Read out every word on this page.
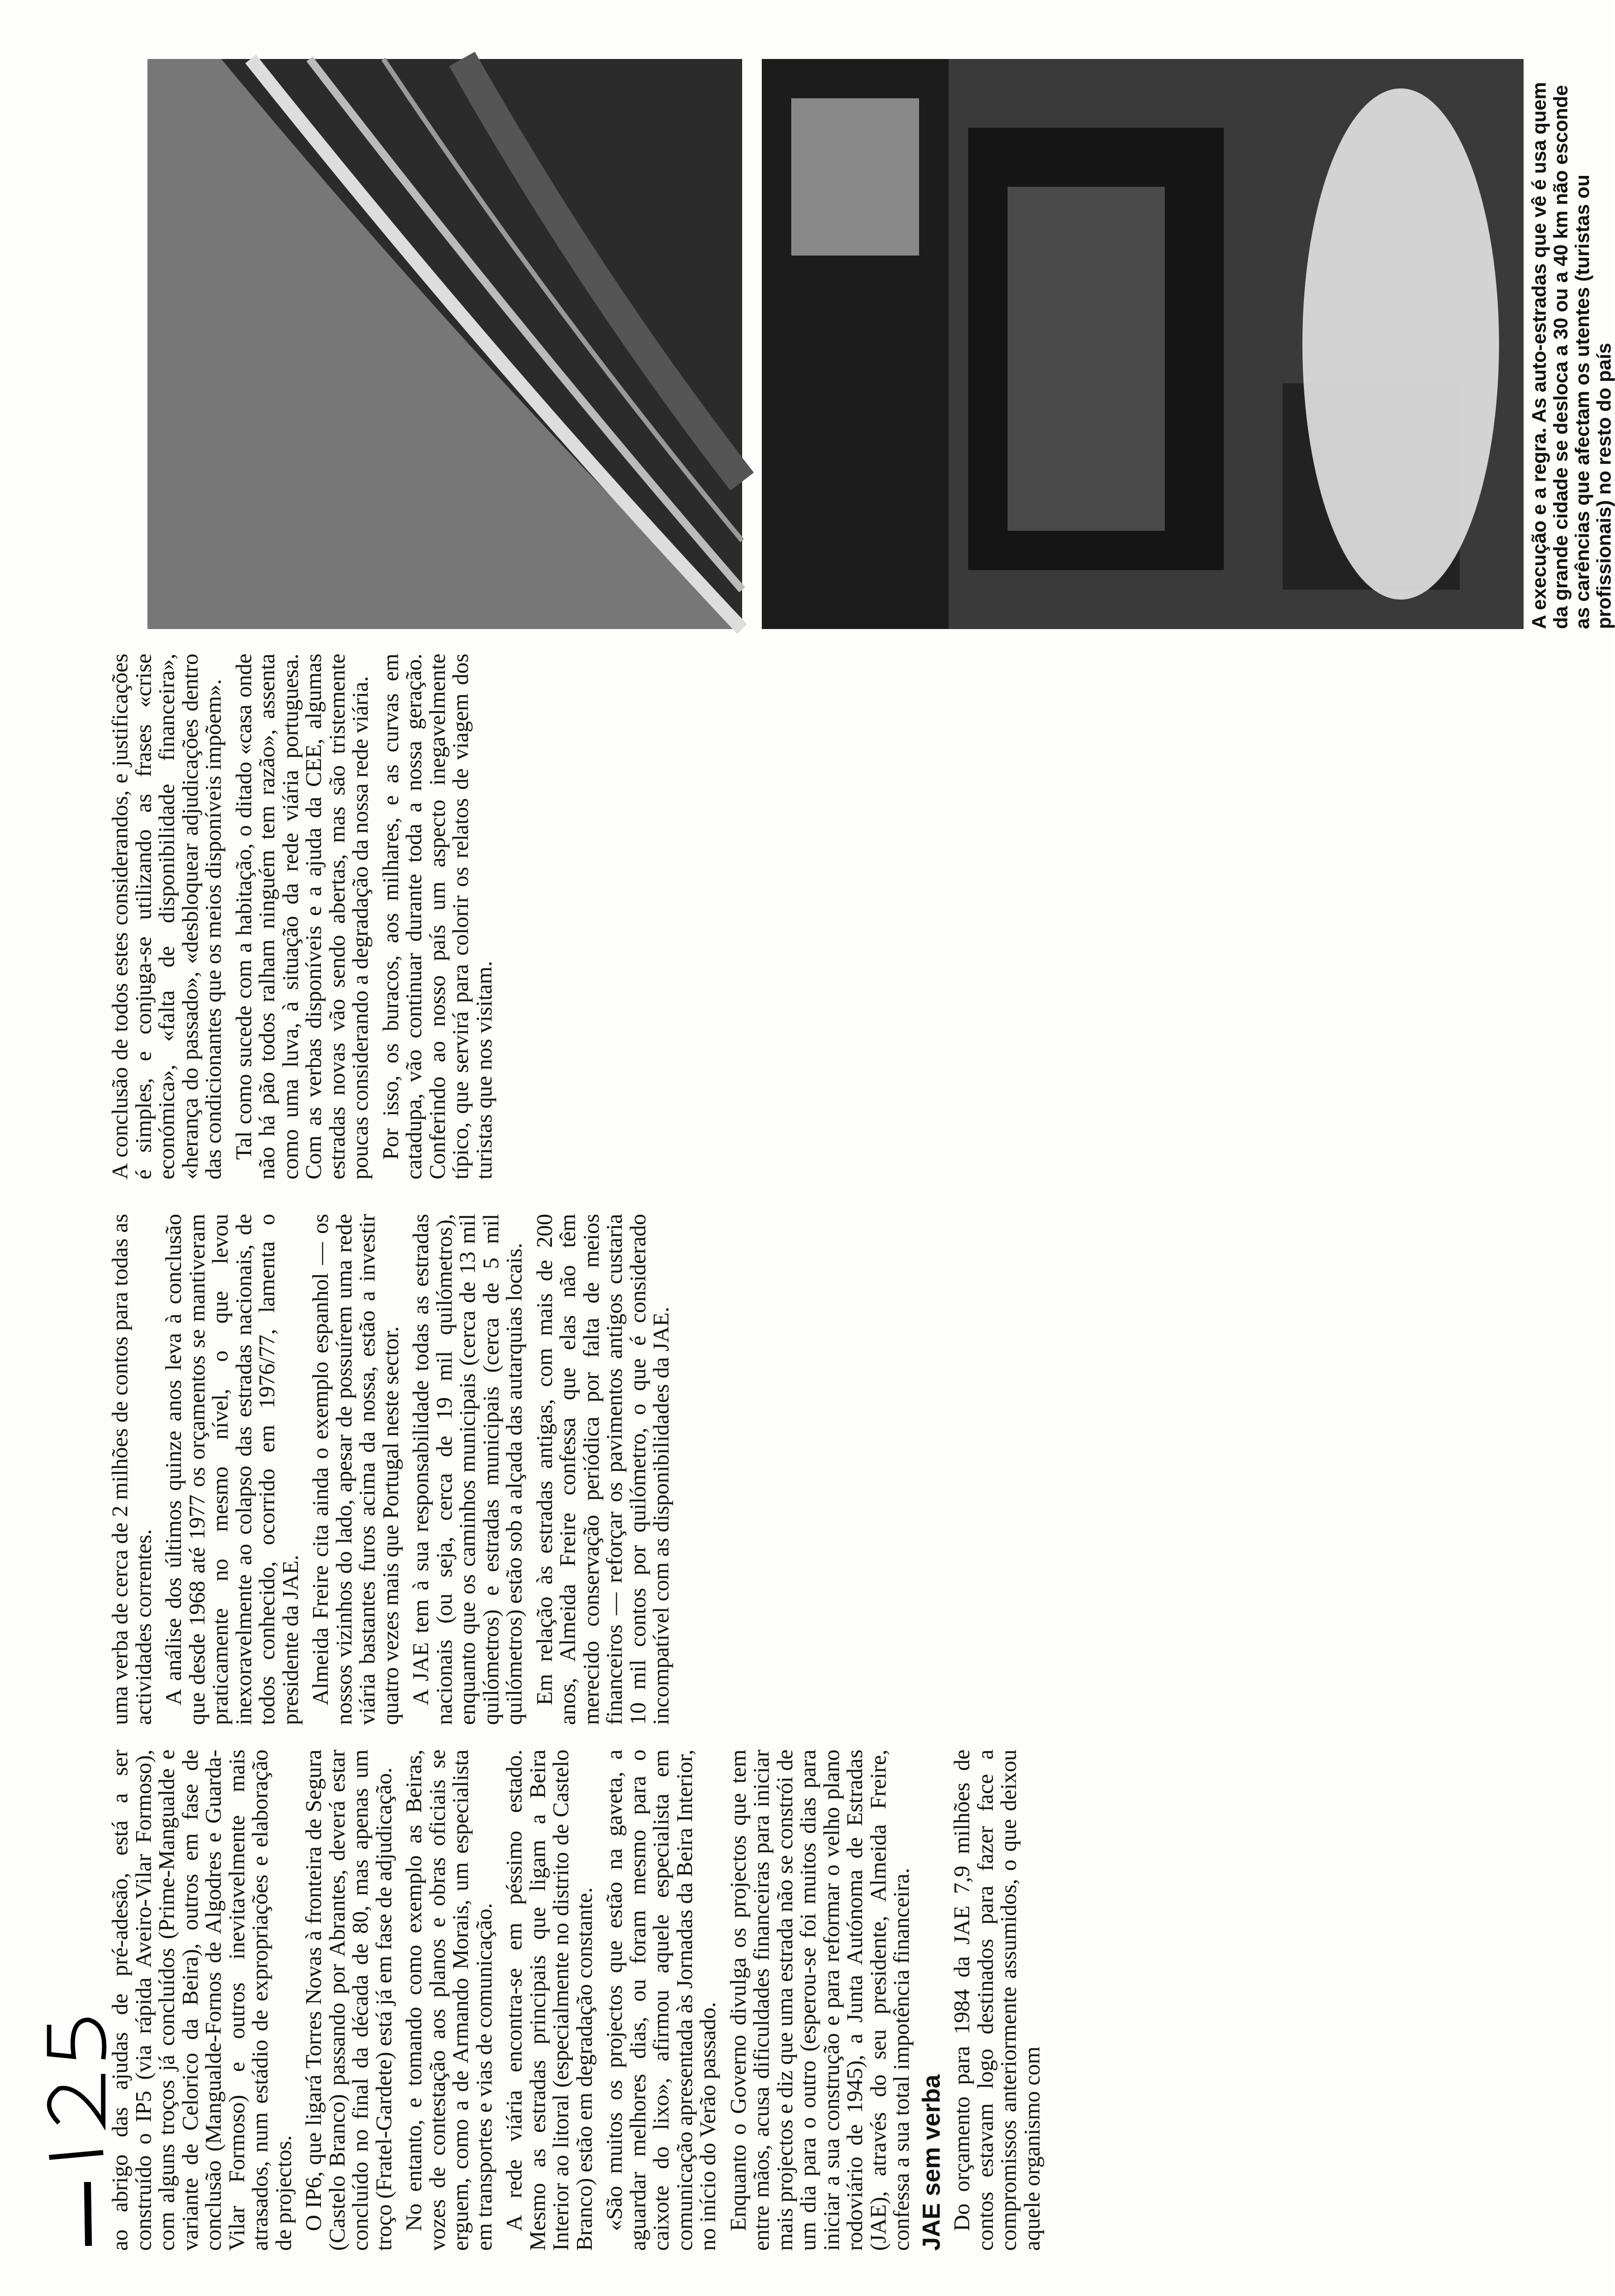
ao abrigo das ajudas de pré-adesão, está a ser construído o IP5 (via rápida Aveiro-Vilar Formoso), com alguns troços já concluídos (Prime-Mangualde e variante de Celorico da Beira), outros em fase de conclusão (Mangualde-Fornos de Algodres e Guarda-Vilar Formoso) e outros inevitavelmente mais atrasados, num estádio de expropriações e elaboração de projectos. O IP6, que ligará Torres Novas à fronteira de Segura (Castelo Branco) passando por Abrantes, deverá estar concluído no final da década de 80, mas apenas um troço (Fratel-Gardete) está já em fase de adjudicação. No entanto, e tomando como exemplo as Beiras, vozes de contestação aos planos e obras oficiais se erguem, como a de Armando Morais, um especialista em transportes e vias de comunicação. A rede viária encontra-se em péssimo estado. Mesmo as estradas principais que ligam a Beira Interior ao litoral (especialmente no distrito de Castelo Branco) estão em degradação constante. «São muitos os projectos que estão na gaveta, a aguardar melhores dias, ou foram mesmo para o caixote do lixo», afirmou aquele especialista em comunicação apresentada às Jornadas da Beira Interior, no início do Verão passado. Enquanto o Governo divulga os projectos que tem entre mãos, acusa dificuldades financeiras para iniciar mais projectos e diz que uma estrada não se constrói de um dia para o outro (esperou-se foi muitos dias para iniciar a sua construção e para reformar o velho plano rodoviário de 1945), a Junta Autónoma de Estradas (JAE), através do seu presidente, Almeida Freire, confessa a sua total impotência financeira. JAE sem verba Do orçamento para 1984 da JAE 7,9 milhões de contos estavam logo destinados para fazer face a compromissos anteriormente assumidos, o que deixou aquele organismo com

uma verba de cerca de 2 milhões de contos para todas as actividades correntes. A análise dos últimos quinze anos leva à conclusão que desde 1968 até 1977 os orçamentos se mantiveram praticamente no mesmo nível, o que levou inexoravelmente ao colapso das estradas nacionais, de todos conhecido, ocorrido em 1976/77, lamenta o presidente da JAE. Almeida Freire cita ainda o exemplo espanhol — os nossos vizinhos do lado, apesar de possuírem uma rede viária bastantes furos acima da nossa, estão a investir quatro vezes mais que Portugal neste sector. A JAE tem à sua responsabilidade todas as estradas nacionais (ou seja, cerca de 19 mil quilómetros), enquanto que os caminhos municipais (cerca de 13 mil quilómetros) e estradas municipais (cerca de 5 mil quilómetros) estão sob a alçada das autarquias locais. Em relação às estradas antigas, com mais de 200 anos, Almeida Freire confessa que elas não têm merecido conservação periódica por falta de meios financeiros — reforçar os pavimentos antigos custaria 10 mil contos por quilómetro, o que é considerado incompatível com as disponibilidades da JAE.

A conclusão de todos estes considerandos, e justificações é simples, e conjuga-se utilizando as frases «crise económica», «falta de disponibilidade financeira», «herança do passado», «desbloquear adjudicações dentro das condicionantes que os meios disponíveis impõem». Tal como sucede com a habitação, o ditado «casa onde não há pão todos ralham ninguém tem razão», assenta como uma luva, à situação da rede viária portuguesa. Com as verbas disponíveis e a ajuda da CEE, algumas estradas novas vão sendo abertas, mas são tristemente poucas considerando a degradação da nossa rede viária. Por isso, os buracos, aos milhares, e as curvas em catadupa, vão continuar durante toda a nossa geração. Conferindo ao nosso país um aspecto inegavelmente típico, que servirá para colorir os relatos de viagem dos turistas que nos visitam.

A execução e a regra. As auto-estradas que vê é usa quem da grande cidade se desloca a 30 ou a 40 km não esconde as carências que afectam os utentes (turistas ou profissionais) no resto do país
